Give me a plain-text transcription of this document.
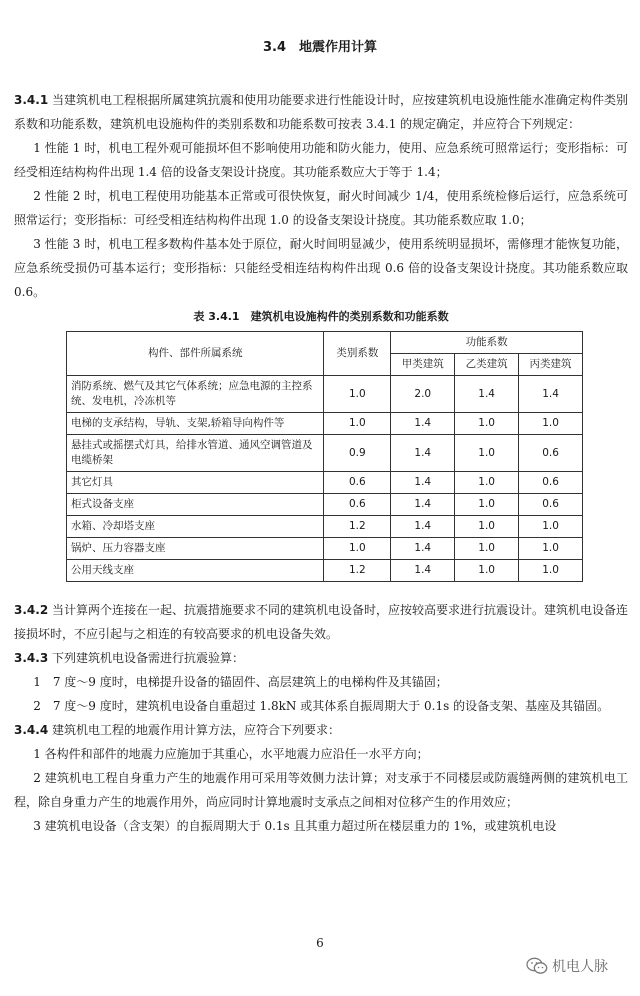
3.4　地震作用计算

3.4.1 当建筑机电工程根据所属建筑抗震和使用功能要求进行性能设计时，应按建筑机电设施性能水准确定构件类别系数和功能系数，建筑机电设施构件的类别系数和功能系数可按表 3.4.1 的规定确定，并应符合下列规定：

1 性能 1 时，机电工程外观可能损坏但不影响使用功能和防火能力，使用、应急系统可照常运行；变形指标：可经受相连结构构件出现 1.4 倍的设备支架设计挠度。其功能系数应大于等于 1.4；

2 性能 2 时，机电工程使用功能基本正常或可很快恢复，耐火时间减少 1/4，使用系统检修后运行，应急系统可照常运行；变形指标：可经受相连结构构件出现 1.0 的设备支架设计挠度。其功能系数应取 1.0；

3 性能 3 时，机电工程多数构件基本处于原位，耐火时间明显减少，使用系统明显损坏，需修理才能恢复功能，应急系统受损仍可基本运行；变形指标：只能经受相连结构构件出现 0.6 倍的设备支架设计挠度。其功能系数应取 0.6。

表 3.4.1　建筑机电设施构件的类别系数和功能系数
构件、部件所属系统	类别系数	功能系数		
		甲类建筑	乙类建筑	丙类建筑
消防系统、燃气及其它气体系统；应急电源的主控系统、发电机，冷冻机等	1.0	2.0	1.4	1.4
电梯的支承结构，导轨、支架,轿箱导向构件等	1.0	1.4	1.0	1.0
悬挂式或摇摆式灯具，给排水管道、通风空调管道及电缆桥架	0.9	1.4	1.0	0.6
其它灯具	0.6	1.4	1.0	0.6
柜式设备支座	0.6	1.4	1.0	0.6
水箱、冷却塔支座	1.2	1.4	1.0	1.0
锅炉、压力容器支座	1.0	1.4	1.0	1.0
公用天线支座	1.2	1.4	1.0	1.0

3.4.2 当计算两个连接在一起、抗震措施要求不同的建筑机电设备时，应按较高要求进行抗震设计。建筑机电设备连接损坏时，不应引起与之相连的有较高要求的机电设备失效。

3.4.3 下列建筑机电设备需进行抗震验算：

1　7 度～9 度时，电梯提升设备的锚固件、高层建筑上的电梯构件及其锚固；

2　7 度～9 度时，建筑机电设备自重超过 1.8kN 或其体系自振周期大于 0.1s 的设备支架、基座及其锚固。

3.4.4 建筑机电工程的地震作用计算方法，应符合下列要求：

1 各构件和部件的地震力应施加于其重心，水平地震力应沿任一水平方向；

2 建筑机电工程自身重力产生的地震作用可采用等效侧力法计算；对支承于不同楼层或防震缝两侧的建筑机电工程，除自身重力产生的地震作用外，尚应同时计算地震时支承点之间相对位移产生的作用效应；

3 建筑机电设备（含支架）的自振周期大于 0.1s 且其重力超过所在楼层重力的 1%，或建筑机电设

6
机电人脉
